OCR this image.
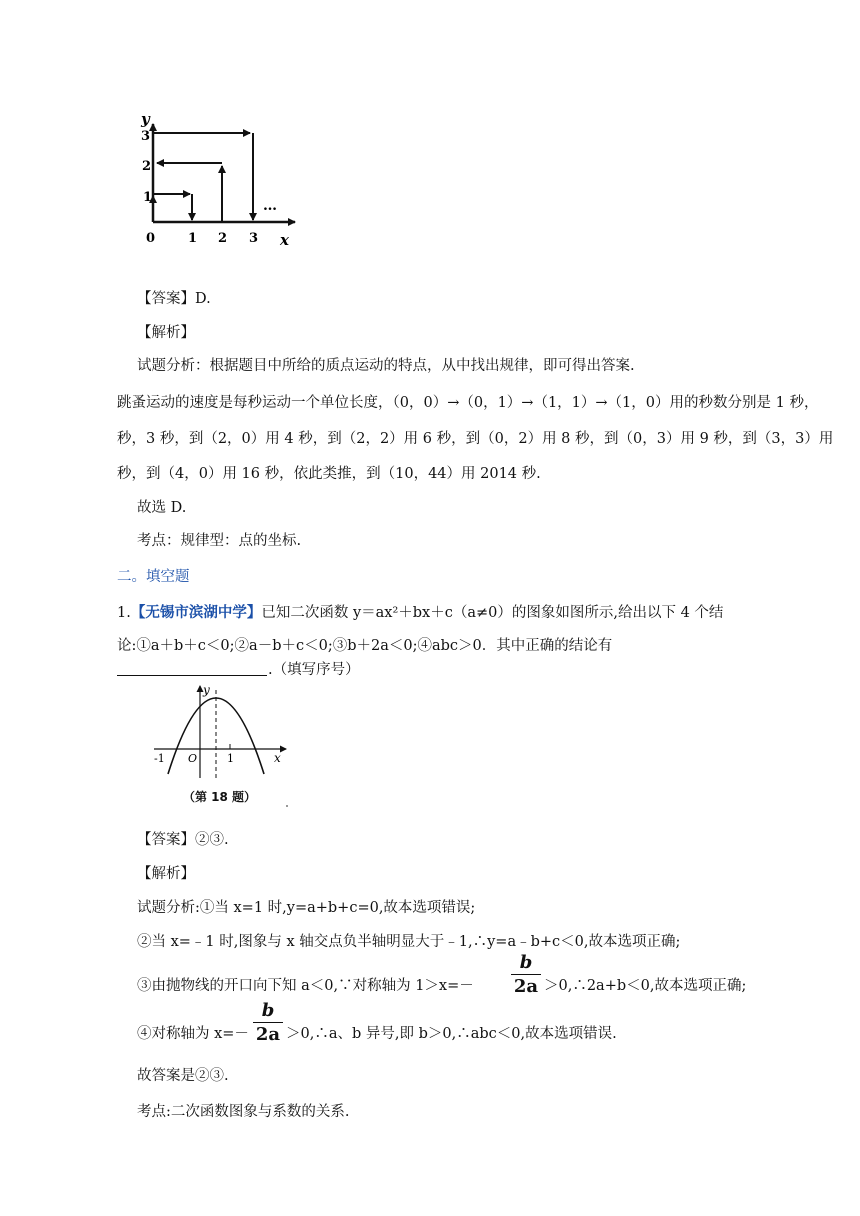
y
3
2
1
0	1 2 3 x
…
【答案】D.
【解析】
试题分析：根据题目中所给的质点运动的特点，从中找出规律，即可得出答案.
跳蚤运动的速度是每秒运动一个单位长度，（0，0）→（0，1）→（1，1）→（1，0）用的秒数分别是 1 秒，
秒，3 秒，到（2，0）用 4 秒，到（2，2）用 6 秒，到（0，2）用 8 秒，到（0，3）用 9 秒，到（3，3）用
秒，到（4，0）用 16 秒，依此类推，到（10，44）用 2014 秒.
故选 D.
考点：规律型：点的坐标.
二。填空题
1.【无锡市滨湖中学】已知二次函数 y＝ax²＋bx＋c（a≠0）的图象如图所示,给出以下 4 个结
论:①a＋b＋c＜0;②a－b＋c＜0;③b＋2a＜0;④abc＞0．其中正确的结论有
.（填写序号）
y
-1 O	1	x
（第 18 题）
【答案】②③.
【解析】
试题分析:①当 x=1 时,y=a+b+c=0,故本选项错误;
②当 x=﹣1 时,图象与 x 轴交点负半轴明显大于﹣1,∴y=a﹣b+c＜0,故本选项正确;
③由抛物线的开口向下知 a＜0,∵对称轴为 1＞x=－
b
2a ＞0,∴2a+b＜0,故本选项正确;
④对称轴为 x=－
b
2a ＞0,∴a、b 异号,即 b＞0,∴abc＜0,故本选项错误.
故答案是②③.
考点:二次函数图象与系数的关系.
